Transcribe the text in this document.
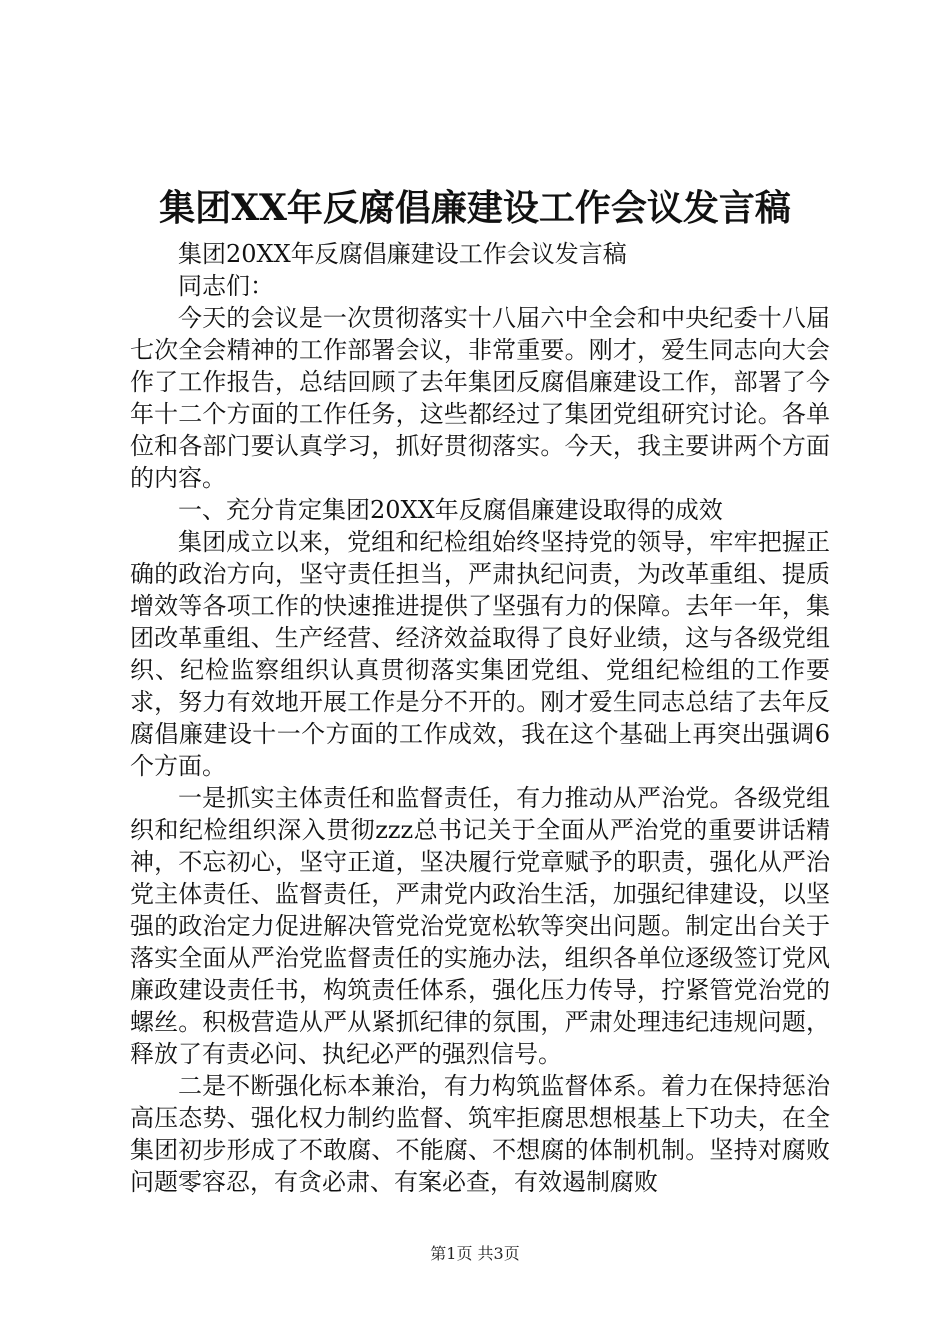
集团XX年反腐倡廉建设工作会议发言稿

集团20XX年反腐倡廉建设工作会议发言稿

同志们：

今天的会议是一次贯彻落实十八届六中全会和中央纪委十八届七次全会精神的工作部署会议，非常重要。刚才，爱生同志向大会作了工作报告，总结回顾了去年集团反腐倡廉建设工作，部署了今年十二个方面的工作任务，这些都经过了集团党组研究讨论。各单位和各部门要认真学习，抓好贯彻落实。今天，我主要讲两个方面的内容。

一、充分肯定集团20XX年反腐倡廉建设取得的成效

集团成立以来，党组和纪检组始终坚持党的领导，牢牢把握正确的政治方向，坚守责任担当，严肃执纪问责，为改革重组、提质增效等各项工作的快速推进提供了坚强有力的保障。去年一年，集团改革重组、生产经营、经济效益取得了良好业绩，这与各级党组织、纪检监察组织认真贯彻落实集团党组、党组纪检组的工作要求，努力有效地开展工作是分不开的。刚才爱生同志总结了去年反腐倡廉建设十一个方面的工作成效，我在这个基础上再突出强调6个方面。

一是抓实主体责任和监督责任，有力推动从严治党。各级党组织和纪检组织深入贯彻zzz总书记关于全面从严治党的重要讲话精神，不忘初心，坚守正道，坚决履行党章赋予的职责，强化从严治党主体责任、监督责任，严肃党内政治生活，加强纪律建设，以坚强的政治定力促进解决管党治党宽松软等突出问题。制定出台关于落实全面从严治党监督责任的实施办法，组织各单位逐级签订党风廉政建设责任书，构筑责任体系，强化压力传导，拧紧管党治党的螺丝。积极营造从严从紧抓纪律的氛围，严肃处理违纪违规问题，释放了有责必问、执纪必严的强烈信号。

二是不断强化标本兼治，有力构筑监督体系。着力在保持惩治高压态势、强化权力制约监督、筑牢拒腐思想根基上下功夫，在全集团初步形成了不敢腐、不能腐、不想腐的体制机制。坚持对腐败问题零容忍，有贪必肃、有案必查，有效遏制腐败

第1页 共3页
